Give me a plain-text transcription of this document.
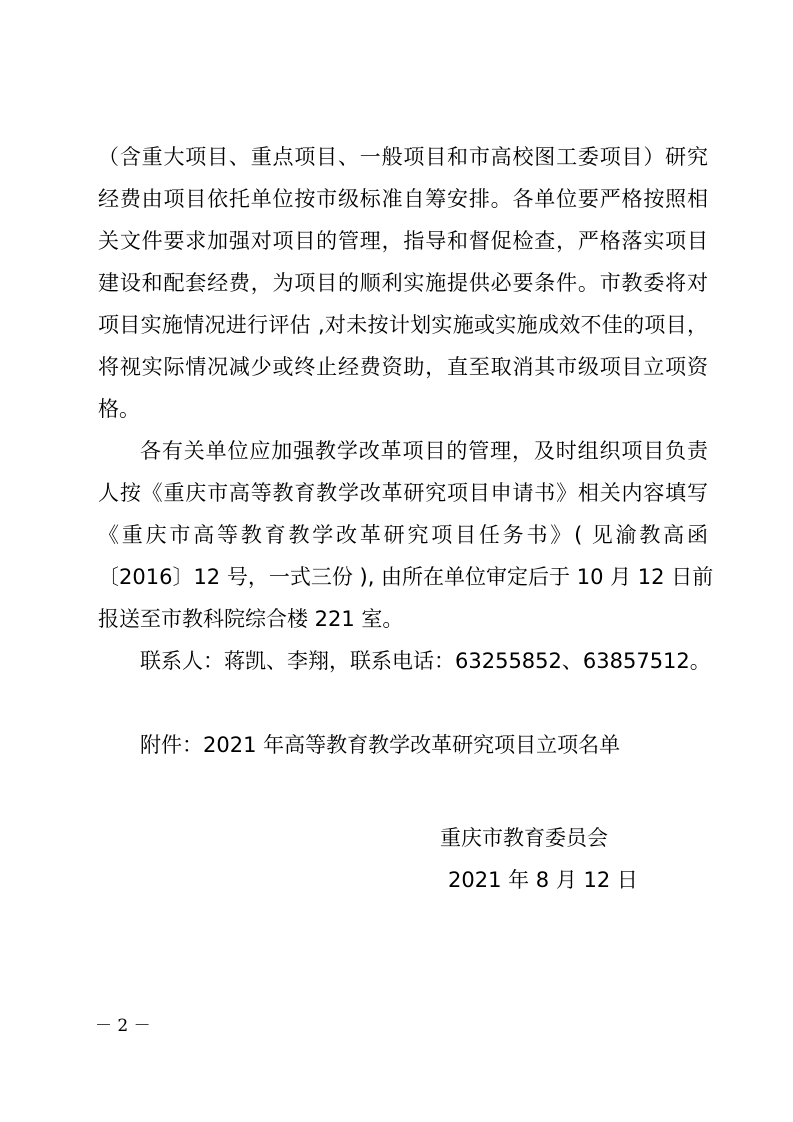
（含重大项目、重点项目、一般项目和市高校图工委项目）研究
经费由项目依托单位按市级标准自筹安排。各单位要严格按照相
关文件要求加强对项目的管理，指导和督促检查，严格落实项目
建设和配套经费，为项目的顺利实施提供必要条件。市教委将对
项目实施情况进行评估 ,对未按计划实施或实施成效不佳的项目，
将视实际情况减少或终止经费资助，直至取消其市级项目立项资
格。
各有关单位应加强教学改革项目的管理，及时组织项目负责
人按《重庆市高等教育教学改革研究项目申请书》相关内容填写
《重庆市高等教育教学改革研究项目任务书》( 见渝教高函
〔2016〕12 号，一式三份 ), 由所在单位审定后于 10 月 12 日前
报送至市教科院综合楼 221 室。
联系人：蒋凯、李翔，联系电话：63255852、63857512。
附件：2021 年高等教育教学改革研究项目立项名单
重庆市教育委员会
2021 年 8 月 12 日
－ 2 －
